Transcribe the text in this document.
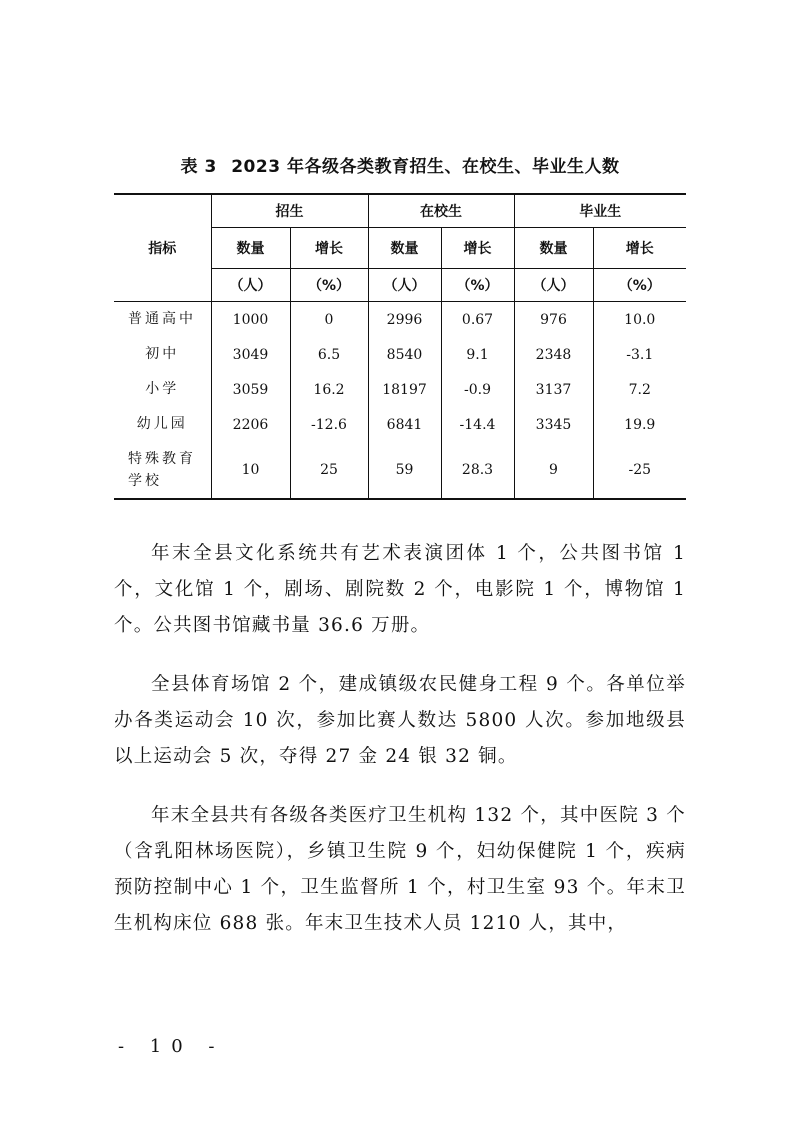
表 3 2023 年各级各类教育招生、在校生、毕业生人数
指标	招生		在校生		毕业生	
	数量	增长	数量	增长	数量	增长
	（人）	（%）	（人）	（%）	（人）	（%）
普通高中	1000	0	2996	0.67	976	10.0
初中	3049	6.5	8540	9.1	2348	-3.1
小学	3059	16.2	18197	-0.9	3137	7.2
幼儿园	2206	-12.6	6841	-14.4	3345	19.9
特殊教育学校	10	25	59	28.3	9	-25

年末全县文化系统共有艺术表演团体 1 个，公共图书馆 1 个，文化馆 1 个，剧场、剧院数 2 个，电影院 1 个，博物馆 1 个。公共图书馆藏书量 36.6 万册。

全县体育场馆 2 个，建成镇级农民健身工程 9 个。各单位举办各类运动会 10 次，参加比赛人数达 5800 人次。参加地级县以上运动会 5 次，夺得 27 金 24 银 32 铜。

年末全县共有各级各类医疗卫生机构 132 个，其中医院 3 个（含乳阳林场医院），乡镇卫生院 9 个，妇幼保健院 1 个，疾病预防控制中心 1 个，卫生监督所 1 个，村卫生室 93 个。年末卫生机构床位 688 张。年末卫生技术人员 1210 人，其中，

- 10 -
